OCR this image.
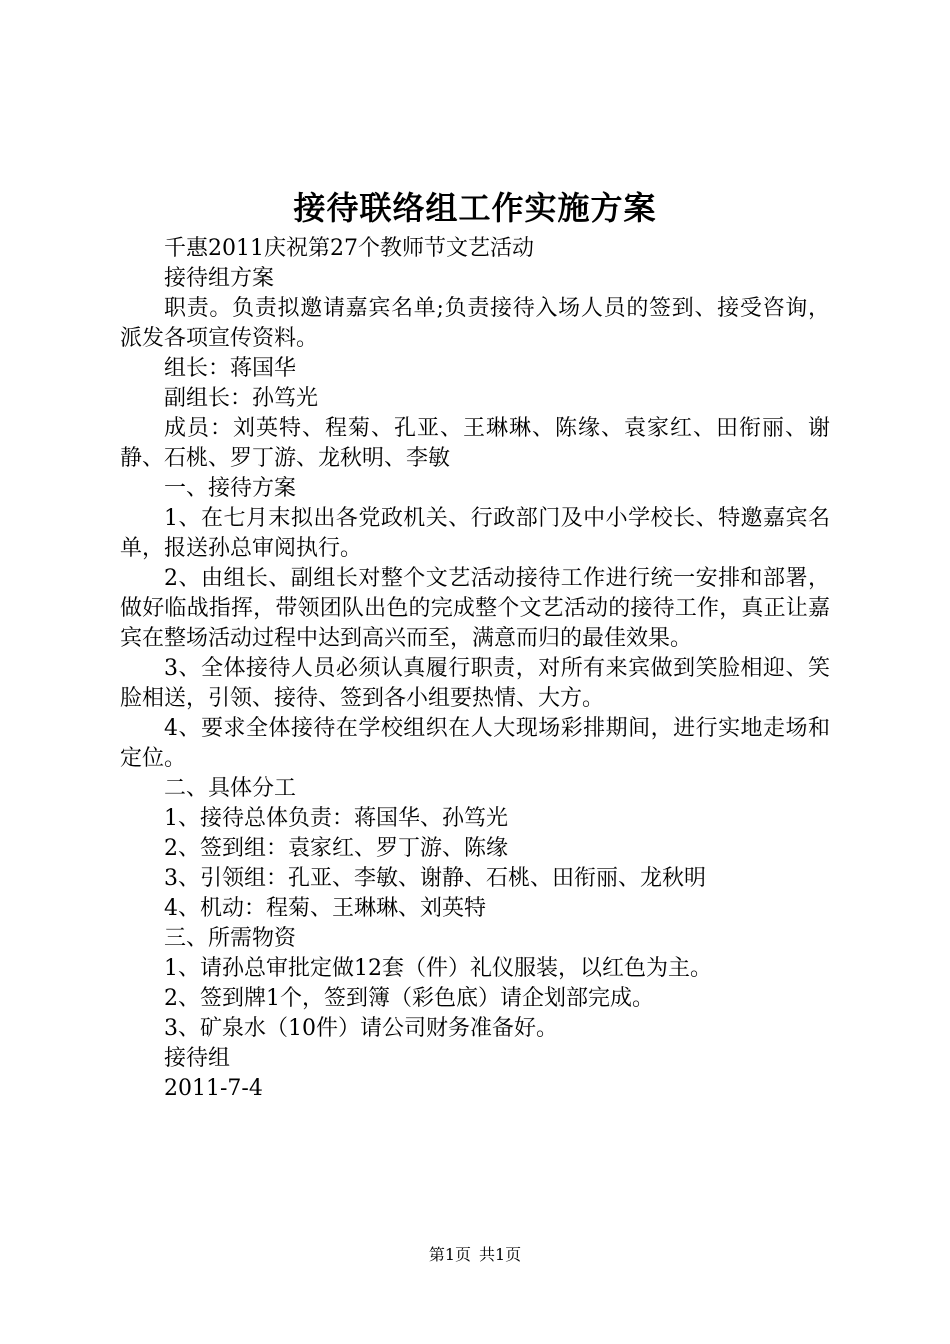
接待联络组工作实施方案

千惠2011庆祝第27个教师节文艺活动

接待组方案

职责。负责拟邀请嘉宾名单;负责接待入场人员的签到、接受咨询，派发各项宣传资料。

组长：蒋国华

副组长：孙笃光

成员：刘英特、程菊、孔亚、王琳琳、陈缘、袁家红、田衔丽、谢静、石桃、罗丁游、龙秋明、李敏

一、接待方案

1、在七月末拟出各党政机关、行政部门及中小学校长、特邀嘉宾名单，报送孙总审阅执行。

2、由组长、副组长对整个文艺活动接待工作进行统一安排和部署，做好临战指挥，带领团队出色的完成整个文艺活动的接待工作，真正让嘉宾在整场活动过程中达到高兴而至，满意而归的最佳效果。

3、全体接待人员必须认真履行职责，对所有来宾做到笑脸相迎、笑脸相送，引领、接待、签到各小组要热情、大方。

4、要求全体接待在学校组织在人大现场彩排期间，进行实地走场和定位。

二、具体分工

1、接待总体负责：蒋国华、孙笃光

2、签到组：袁家红、罗丁游、陈缘

3、引领组：孔亚、李敏、谢静、石桃、田衔丽、龙秋明

4、机动：程菊、王琳琳、刘英特

三、所需物资

1、请孙总审批定做12套（件）礼仪服装，以红色为主。

2、签到牌1个，签到簿（彩色底）请企划部完成。

3、矿泉水（10件）请公司财务准备好。

接待组

2011-7-4

第1页 共1页
